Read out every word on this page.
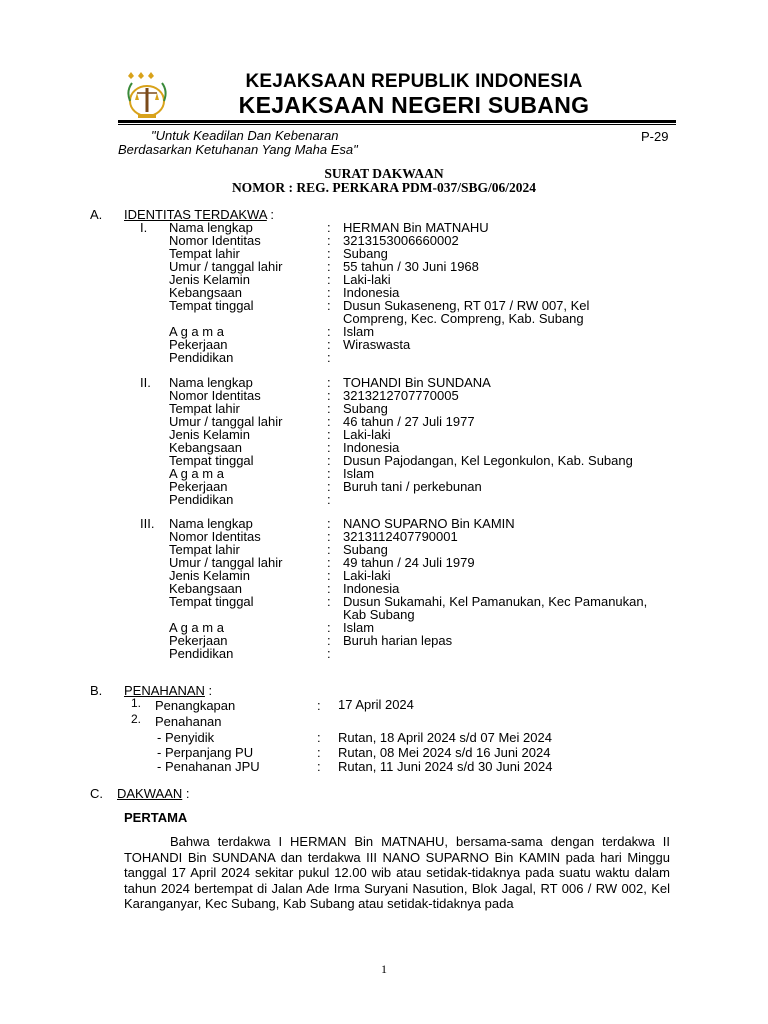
KEJAKSAAN REPUBLIK INDONESIA
KEJAKSAAN NEGERI SUBANG
"Untuk Keadilan Dan Kebenaran
Berdasarkan Ketuhanan Yang Maha Esa"
P-29
SURAT DAKWAAN
NOMOR : REG. PERKARA PDM-037/SBG/06/2024
A. IDENTITAS TERDAKWA :
I. Nama lengkap	: HERMAN Bin MATNAHU
Nomor Identitas	: 3213153006660002
Tempat lahir	: Subang
Umur / tanggal lahir	: 55 tahun / 30 Juni 1968
Jenis Kelamin	: Laki-laki
Kebangsaan	: Indonesia
Tempat tinggal	: Dusun Sukaseneng, RT 017 / RW 007, Kel
Compreng, Kec. Compreng, Kab. Subang
A g a m a	: Islam
Pekerjaan	: Wiraswasta
Pendidikan	:
II. Nama lengkap	: TOHANDI Bin SUNDANA
Nomor Identitas	: 3213212707770005
Tempat lahir	: Subang
Umur / tanggal lahir	: 46 tahun / 27 Juli 1977
Jenis Kelamin	: Laki-laki
Kebangsaan	: Indonesia
Tempat tinggal	: Dusun Pajodangan, Kel Legonkulon, Kab. Subang
A g a m a	: Islam
Pekerjaan	: Buruh tani / perkebunan
Pendidikan	:
III. Nama lengkap	: NANO SUPARNO Bin KAMIN
Nomor Identitas	: 3213112407790001
Tempat lahir	: Subang
Umur / tanggal lahir	: 49 tahun / 24 Juli 1979
Jenis Kelamin	: Laki-laki
Kebangsaan	: Indonesia
Tempat tinggal	: Dusun Sukamahi, Kel Pamanukan, Kec Pamanukan,
Kab Subang
A g a m a	: Islam
Pekerjaan	: Buruh harian lepas
Pendidikan	:
B. PENAHANAN :
1. Penangkapan	: 17 April 2024
2. Penahanan
- Penyidik	: Rutan, 18 April 2024 s/d 07 Mei 2024
- Perpanjang PU	: Rutan, 08 Mei 2024 s/d 16 Juni 2024
- Penahanan JPU	: Rutan, 11 Juni 2024 s/d 30 Juni 2024
C. DAKWAAN :
PERTAMA
Bahwa terdakwa I HERMAN Bin MATNAHU, bersama-sama dengan terdakwa II TOHANDI Bin SUNDANA dan terdakwa III NANO SUPARNO Bin KAMIN pada hari Minggu tanggal 17 April 2024 sekitar pukul 12.00 wib atau setidak-tidaknya pada suatu waktu dalam tahun 2024 bertempat di Jalan Ade Irma Suryani Nasution, Blok Jagal, RT 006 / RW 002, Kel Karanganyar, Kec Subang, Kab Subang atau setidak-tidaknya pada
1
